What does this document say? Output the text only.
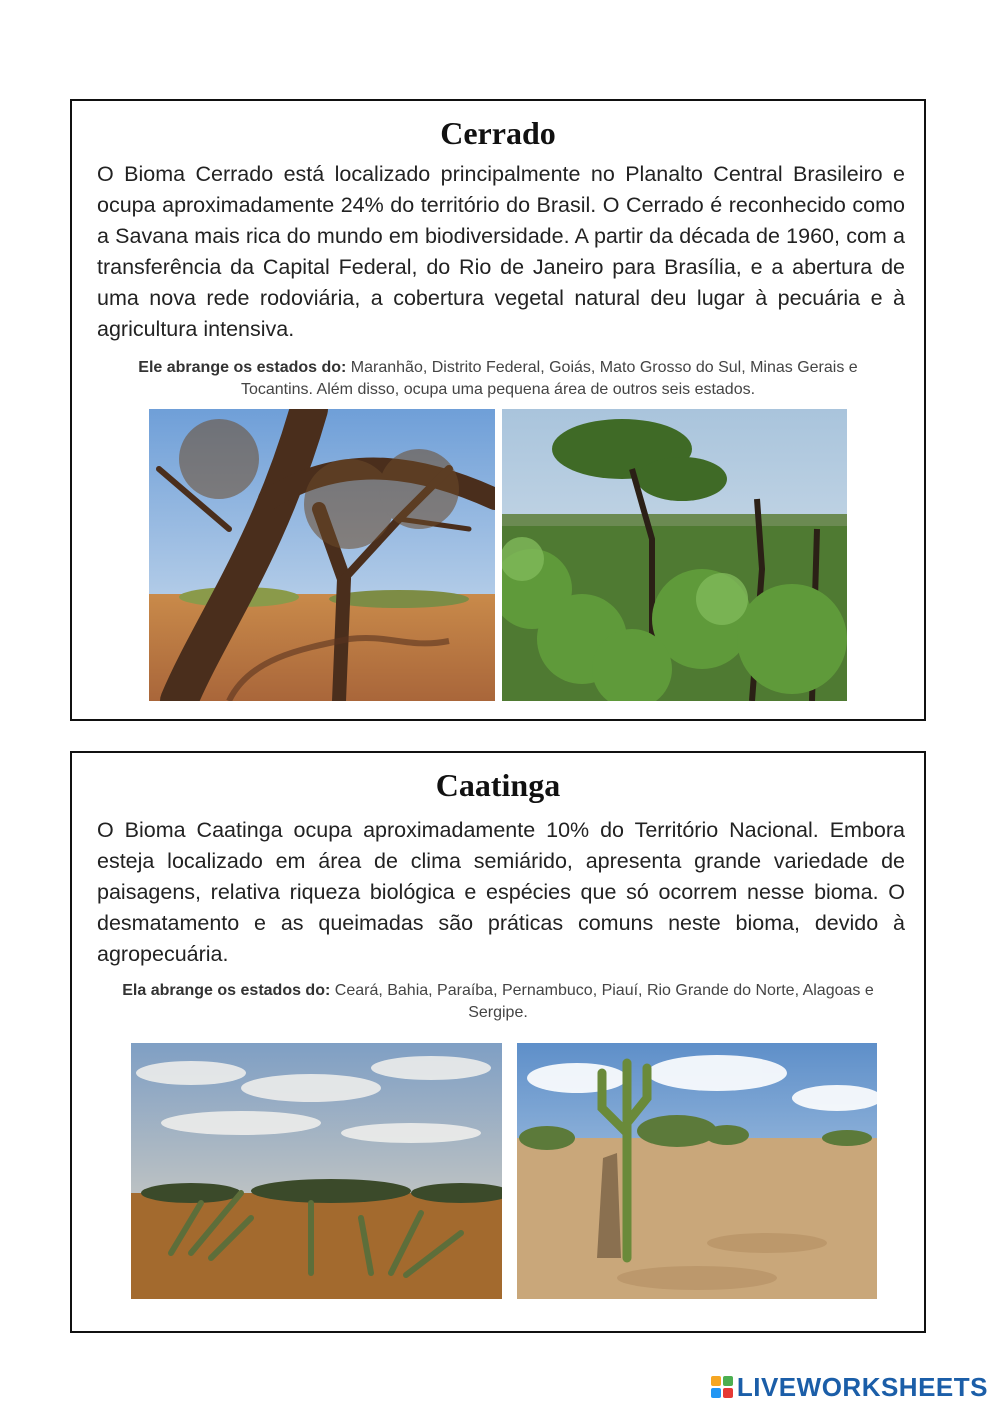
Cerrado

O Bioma Cerrado está localizado principalmente no Planalto Central Brasileiro e ocupa aproximadamente 24% do território do Brasil. O Cerrado é reconhecido como a Savana mais rica do mundo em biodiversidade. A partir da década de 1960, com a transferência da Capital Federal, do Rio de Janeiro para Brasília, e a abertura de uma nova rede rodoviária, a cobertura vegetal natural deu lugar à pecuária e à agricultura intensiva.

Ele abrange os estados do: Maranhão, Distrito Federal, Goiás, Mato Grosso do Sul, Minas Gerais e Tocantins. Além disso, ocupa uma pequena área de outros seis estados.

Caatinga

O Bioma Caatinga ocupa aproximadamente 10% do Território Nacional. Embora esteja localizado em área de clima semiárido, apresenta grande variedade de paisagens, relativa riqueza biológica e espécies que só ocorrem nesse bioma. O desmatamento e as queimadas são práticas comuns neste bioma, devido à agropecuária.

Ela abrange os estados do: Ceará, Bahia, Paraíba, Pernambuco, Piauí, Rio Grande do Norte, Alagoas e Sergipe.

LIVEWORKSHEETS
